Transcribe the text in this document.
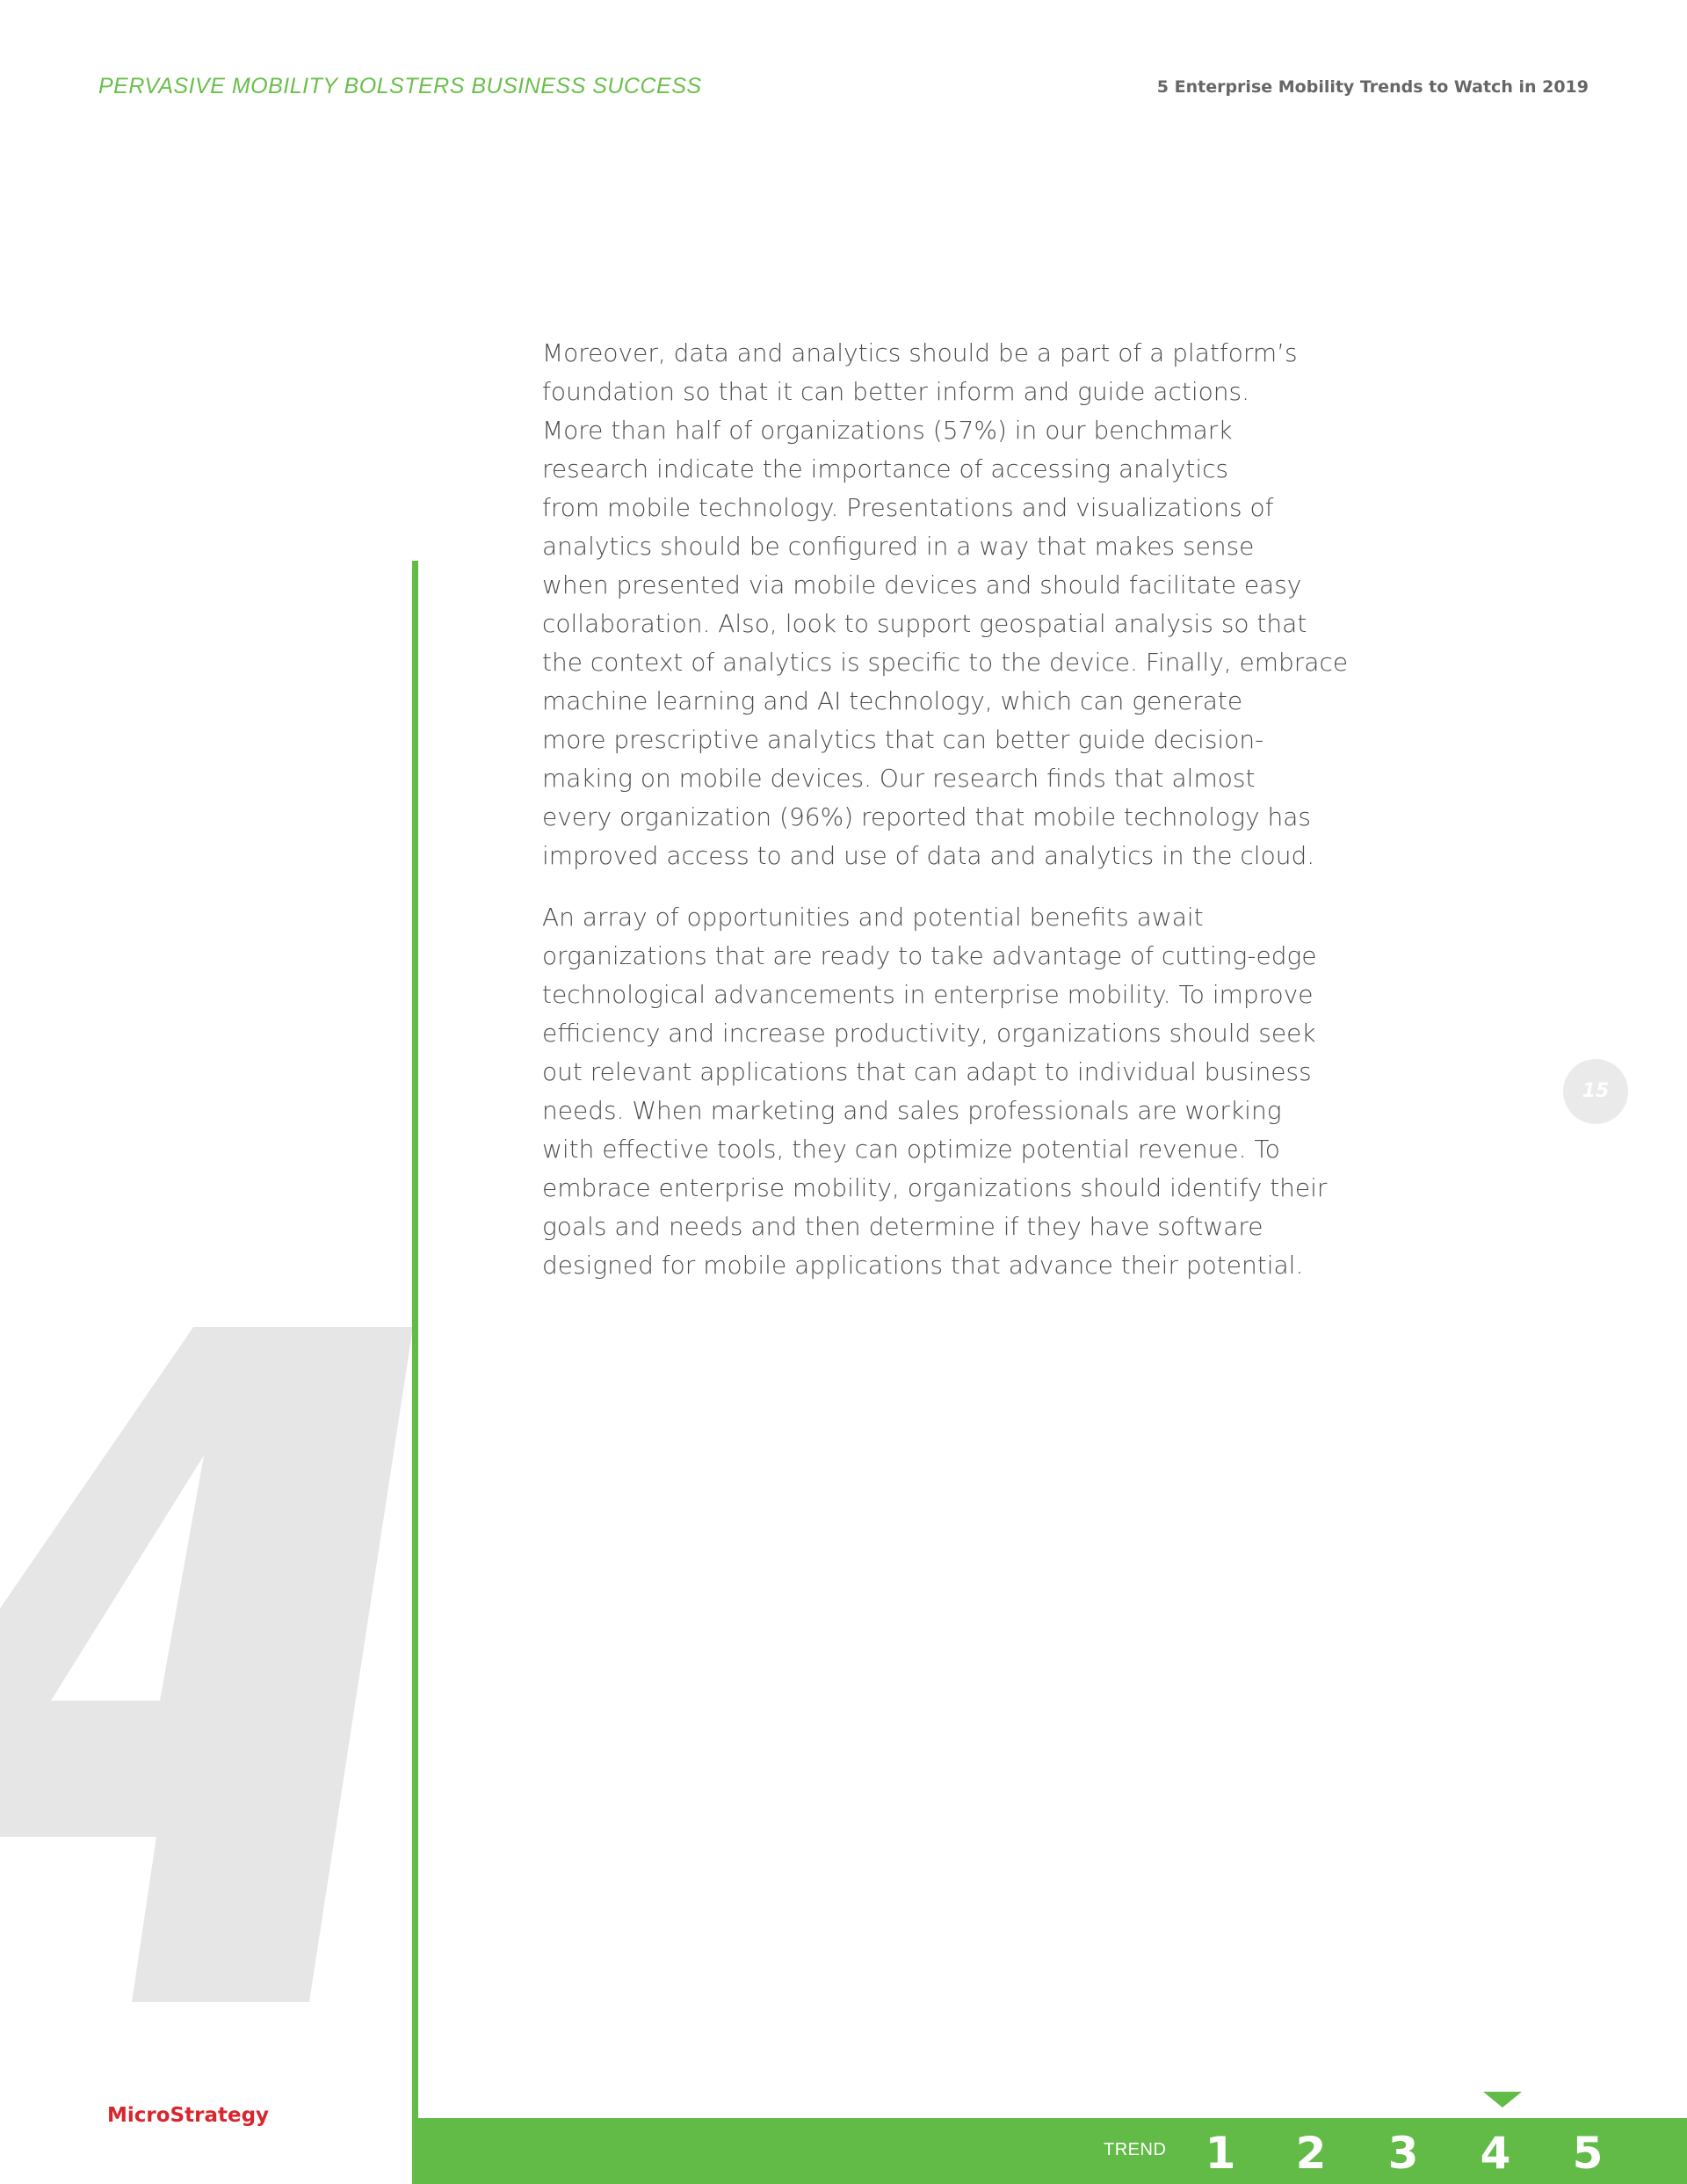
PERVASIVE MOBILITY BOLSTERS BUSINESS SUCCESS	5 Enterprise Mobility Trends to Watch in 2019

Moreover, data and analytics should be a part of a platform’s
foundation so that it can better inform and guide actions.
More than half of organizations (57%) in our benchmark
research indicate the importance of accessing analytics
from mobile technology. Presentations and visualizations of
analytics should be configured in a way that makes sense
when presented via mobile devices and should facilitate easy
collaboration. Also, look to support geospatial analysis so that
the context of analytics is specific to the device. Finally, embrace
machine learning and AI technology, which can generate
more prescriptive analytics that can better guide decision-
making on mobile devices. Our research finds that almost
every organization (96%) reported that mobile technology has
improved access to and use of data and analytics in the cloud.

An array of opportunities and potential benefits await
organizations that are ready to take advantage of cutting-edge
technological advancements in enterprise mobility. To improve
efficiency and increase productivity, organizations should seek
out relevant applications that can adapt to individual business
needs. When marketing and sales professionals are working
with effective tools, they can optimize potential revenue. To
embrace enterprise mobility, organizations should identify their
goals and needs and then determine if they have software
designed for mobile applications that advance their potential.

15
MicroStrategy
TREND 1 2 3 4 5
